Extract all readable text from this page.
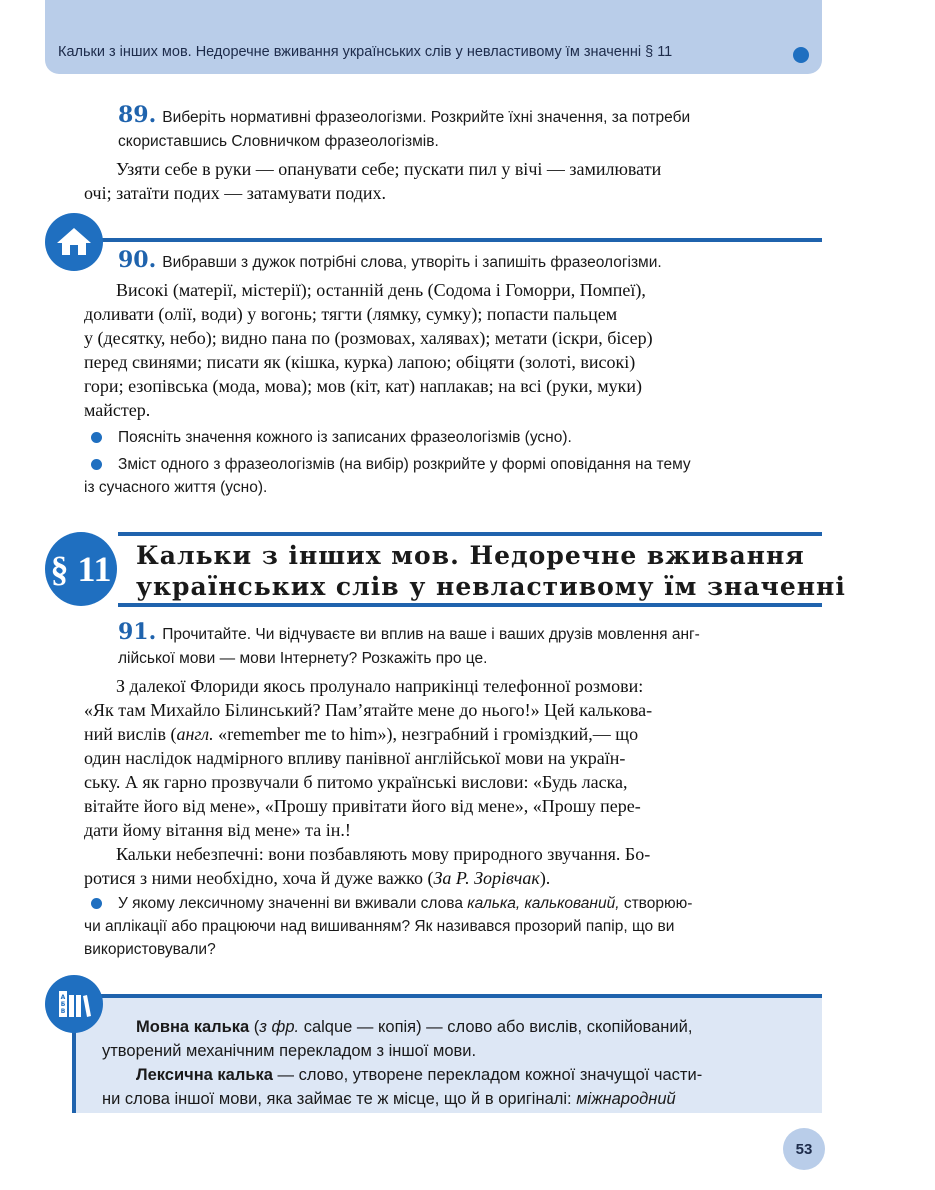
Кальки з інших мов. Недоречне вживання українських слів у невластивому їм значенні § 11
89. Виберіть нормативні фразеологізми. Розкрийте їхні значення, за потреби
скориставшись Словничком фразеологізмів.
Узяти себе в руки — опанувати себе; пускати пил у вічі — замилювати
очі; затаїти подих — затамувати подих.
90. Вибравши з дужок потрібні слова, утворіть і запишіть фразеологізми.
Високі (матерії, містерії); останній день (Содома і Гоморри, Помпеї),
доливати (олії, води) у вогонь; тягти (лямку, сумку); попасти пальцем
у (десятку, небо); видно пана по (розмовах, халявах); метати (іскри, бісер)
перед свинями; писати як (кішка, курка) лапою; обіцяти (золоті, високі)
гори; езопівська (мода, мова); мов (кіт, кат) наплакав; на всі (руки, муки)
майстер.
Поясніть значення кожного із записаних фразеологізмів (усно).
Зміст одного з фразеологізмів (на вибір) розкрийте у формі оповідання на тему
із сучасного життя (усно).
§ 11 Кальки з інших мов. Недоречне вживання
українських слів у невластивому їм значенні
91. Прочитайте. Чи відчуваєте ви вплив на ваше і ваших друзів мовлення анг-
лійської мови — мови Інтернету? Розкажіть про це.
З далекої Флориди якось пролунало наприкінці телефонної розмови:
«Як там Михайло Білинський? Пам’ятайте мене до нього!» Цей калькова-
ний вислів (англ. «remember me to him»), незграбний і громіздкий,— що
один наслідок надмірного впливу панівної англійської мови на україн-
ську. А як гарно прозвучали б питомо українські вислови: «Будь ласка,
вітайте його від мене», «Прошу привітати його від мене», «Прошу пере-
дати йому вітання від мене» та ін.!
Кальки небезпечні: вони позбавляють мову природного звучання. Бо-
ротися з ними необхідно, хоча й дуже важко (За Р. Зорівчак).
У якому лексичному значенні ви вживали слова калька, калькований, створюю-
чи аплікації або працюючи над вишиванням? Як називався прозорий папір, що ви
використовували?
А
Б
В
Мовна калька (з фр. calque — копія) — слово або вислів, скопійований,
утворений механічним перекладом з іншої мови.
Лексична калька — слово, утворене перекладом кожної значущої части-
ни слова іншої мови, яка займає те ж місце, що й в оригіналі: міжнародний
53
